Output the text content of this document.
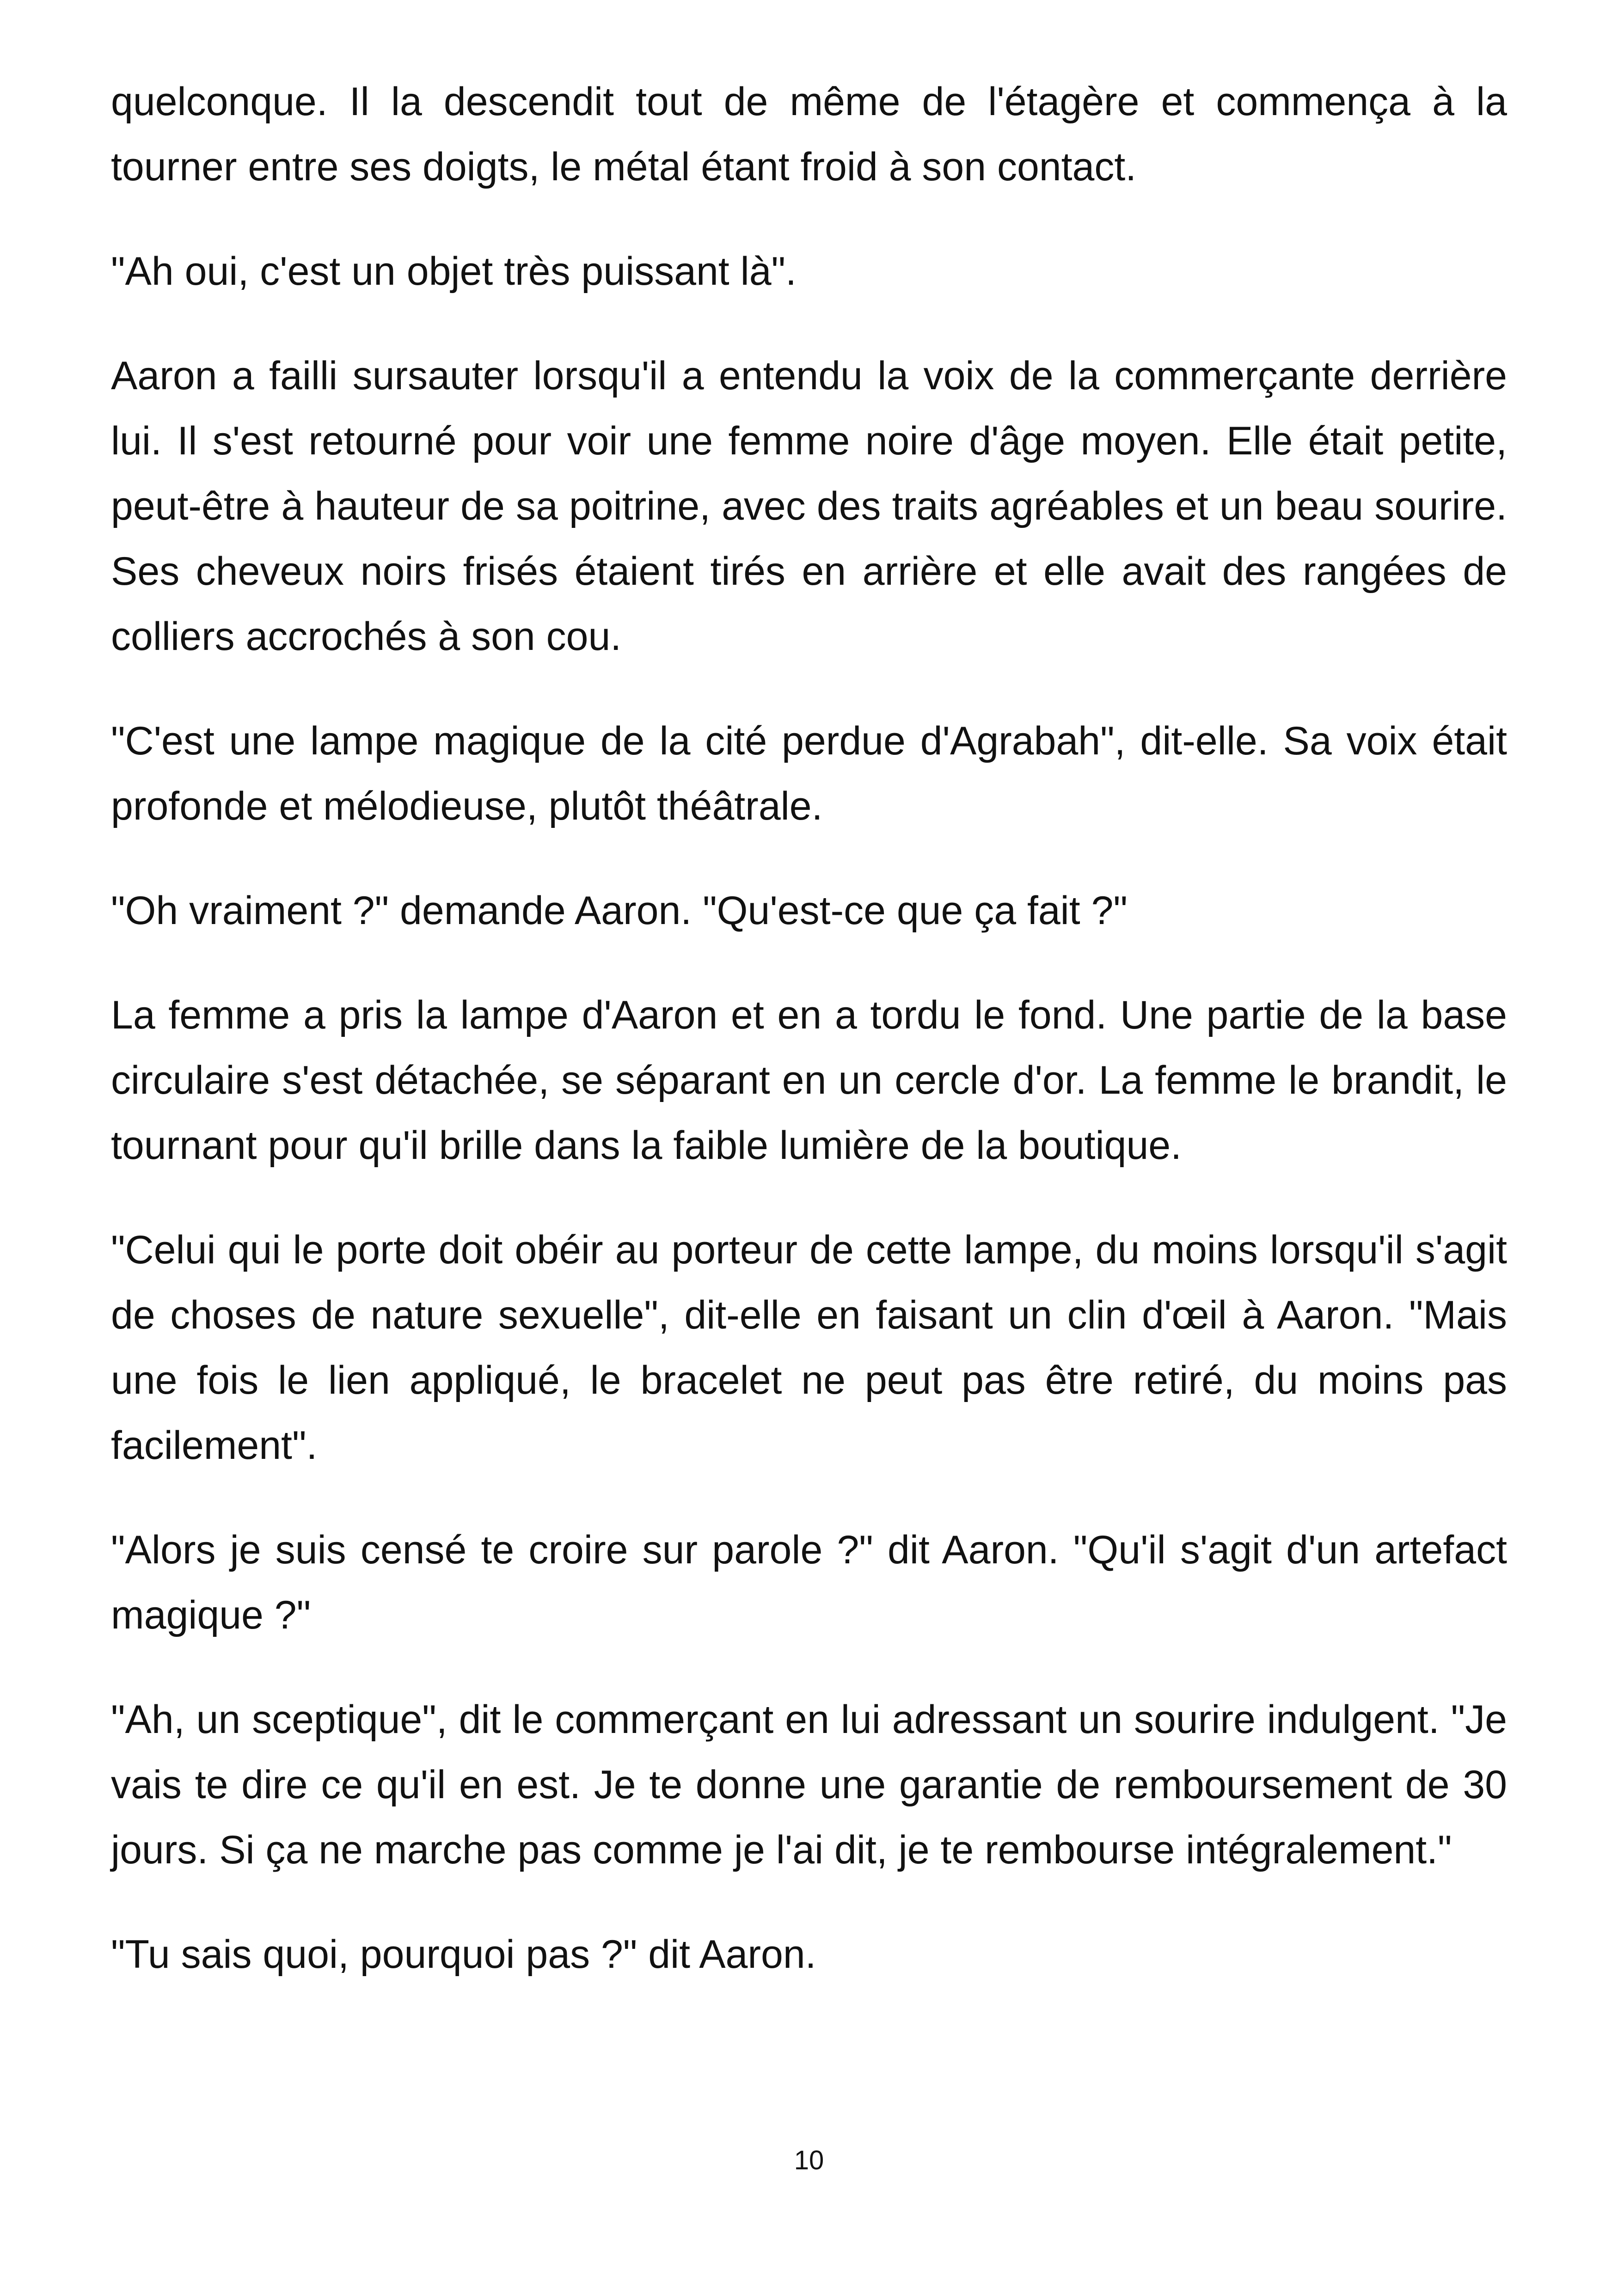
quelconque. Il la descendit tout de même de l'étagère et commença à la tourner entre ses doigts, le métal étant froid à son contact.

"Ah oui, c'est un objet très puissant là".

Aaron a failli sursauter lorsqu'il a entendu la voix de la commerçante derrière lui. Il s'est retourné pour voir une femme noire d'âge moyen. Elle était petite, peut-être à hauteur de sa poitrine, avec des traits agréables et un beau sourire. Ses cheveux noirs frisés étaient tirés en arrière et elle avait des rangées de colliers accrochés à son cou.

"C'est une lampe magique de la cité perdue d'Agrabah", dit-elle. Sa voix était profonde et mélodieuse, plutôt théâtrale.

"Oh vraiment ?" demande Aaron. "Qu'est-ce que ça fait ?"

La femme a pris la lampe d'Aaron et en a tordu le fond. Une partie de la base circulaire s'est détachée, se séparant en un cercle d'or. La femme le brandit, le tournant pour qu'il brille dans la faible lumière de la boutique.

"Celui qui le porte doit obéir au porteur de cette lampe, du moins lorsqu'il s'agit de choses de nature sexuelle", dit-elle en faisant un clin d'œil à Aaron. "Mais une fois le lien appliqué, le bracelet ne peut pas être retiré, du moins pas facilement".

"Alors je suis censé te croire sur parole ?" dit Aaron. "Qu'il s'agit d'un artefact magique ?"

"Ah, un sceptique", dit le commerçant en lui adressant un sourire indulgent. "Je vais te dire ce qu'il en est. Je te donne une garantie de remboursement de 30 jours. Si ça ne marche pas comme je l'ai dit, je te rembourse intégralement."

"Tu sais quoi, pourquoi pas ?" dit Aaron.

10
